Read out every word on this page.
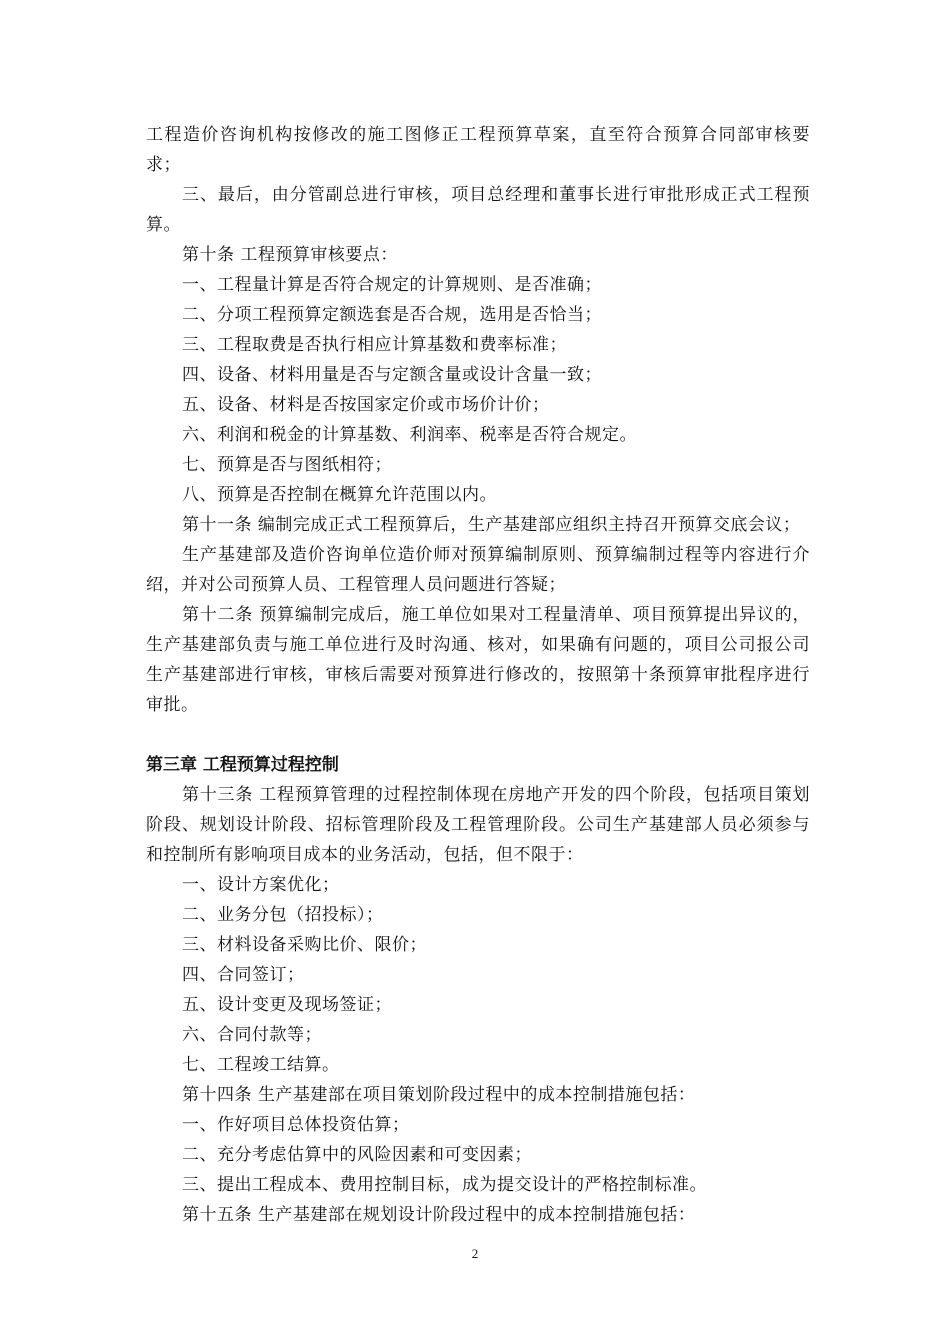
工程造价咨询机构按修改的施工图修正工程预算草案，直至符合预算合同部审核要求；

三、最后，由分管副总进行审核，项目总经理和董事长进行审批形成正式工程预算。

第十条 工程预算审核要点：

一、工程量计算是否符合规定的计算规则、是否准确；

二、分项工程预算定额选套是否合规，选用是否恰当；

三、工程取费是否执行相应计算基数和费率标准；

四、设备、材料用量是否与定额含量或设计含量一致；

五、设备、材料是否按国家定价或市场价计价；

六、利润和税金的计算基数、利润率、税率是否符合规定。

七、预算是否与图纸相符；

八、预算是否控制在概算允许范围以内。

第十一条 编制完成正式工程预算后，生产基建部应组织主持召开预算交底会议；

生产基建部及造价咨询单位造价师对预算编制原则、预算编制过程等内容进行介绍，并对公司预算人员、工程管理人员问题进行答疑；

第十二条 预算编制完成后，施工单位如果对工程量清单、项目预算提出异议的，生产基建部负责与施工单位进行及时沟通、核对，如果确有问题的，项目公司报公司生产基建部进行审核，审核后需要对预算进行修改的，按照第十条预算审批程序进行审批。

第三章 工程预算过程控制

第十三条 工程预算管理的过程控制体现在房地产开发的四个阶段，包括项目策划阶段、规划设计阶段、招标管理阶段及工程管理阶段。公司生产基建部人员必须参与和控制所有影响项目成本的业务活动，包括，但不限于：

一、设计方案优化；

二、业务分包（招投标）；

三、材料设备采购比价、限价；

四、合同签订；

五、设计变更及现场签证；

六、合同付款等；

七、工程竣工结算。

第十四条 生产基建部在项目策划阶段过程中的成本控制措施包括：

一、作好项目总体投资估算；

二、充分考虑估算中的风险因素和可变因素；

三、提出工程成本、费用控制目标，成为提交设计的严格控制标准。

第十五条 生产基建部在规划设计阶段过程中的成本控制措施包括：

2
